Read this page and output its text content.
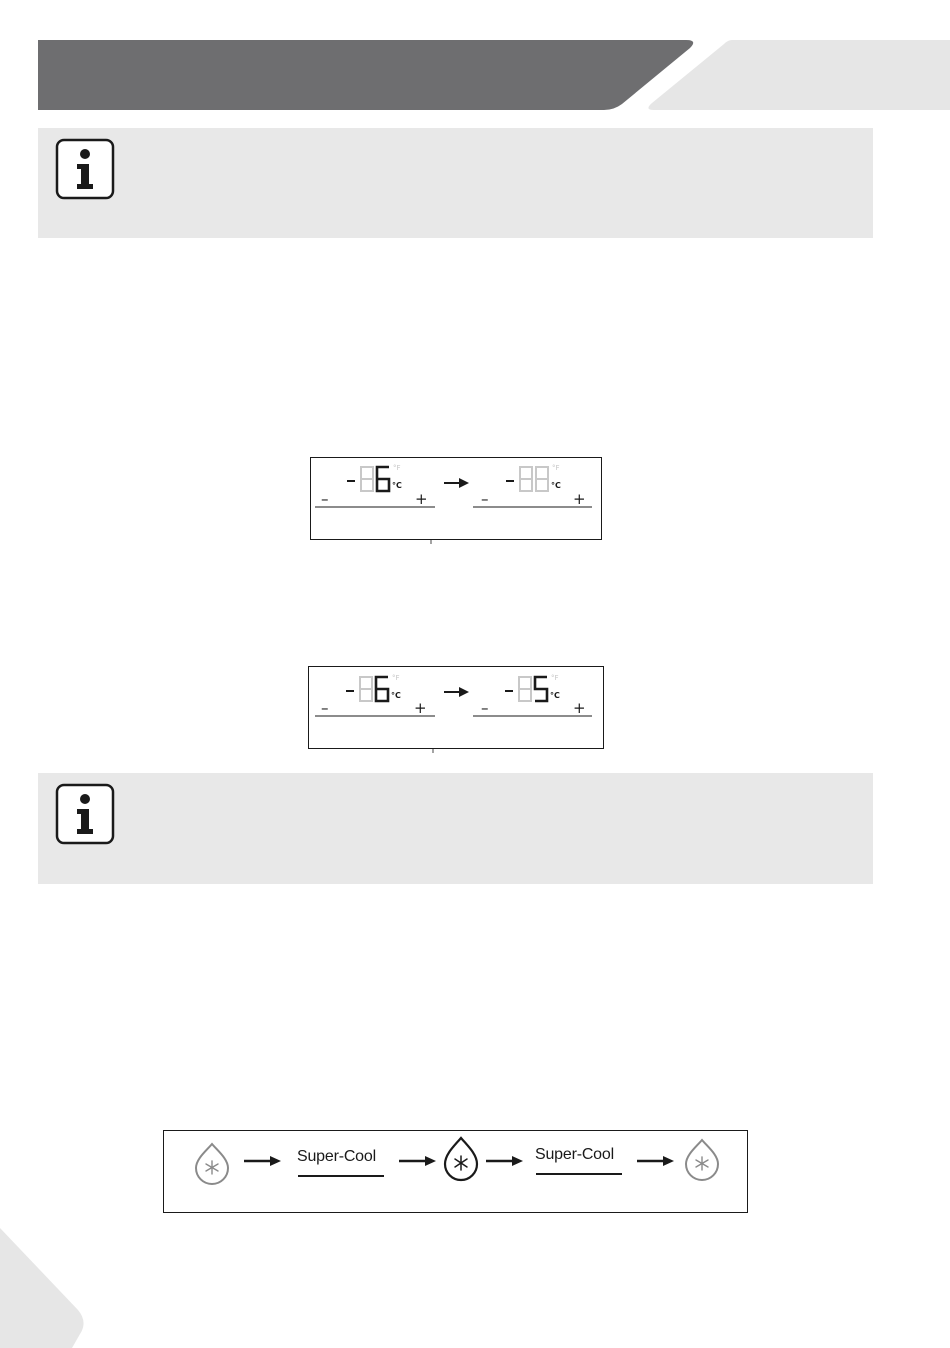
°F
°C
–	+
°F
°C
–	+
°F
°C
–	+
°F
°C
–	+
Super-Cool	Super-Cool
